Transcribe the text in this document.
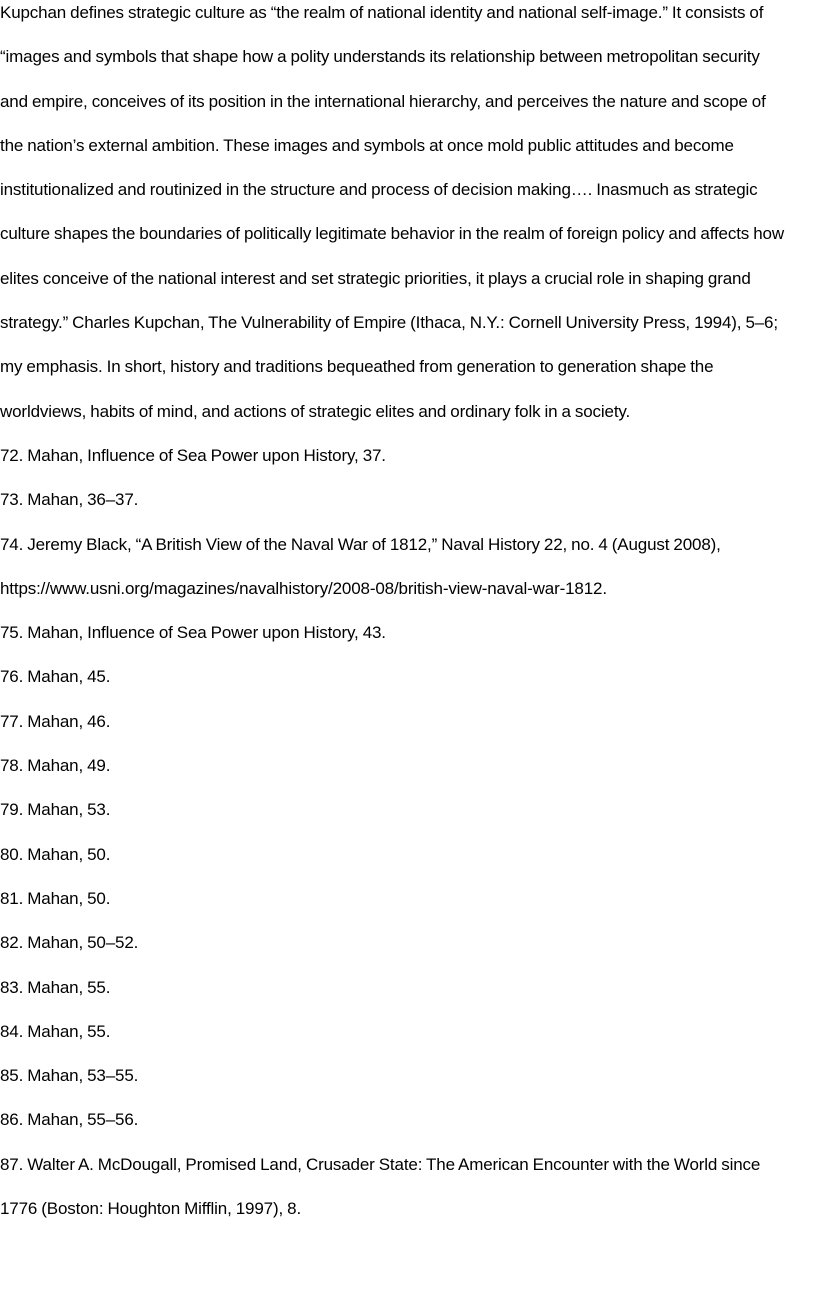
Kupchan defines strategic culture as “the realm of national identity and national self-image.” It consists of “images and symbols that shape how a polity understands its relationship between metropolitan security and empire, conceives of its position in the international hierarchy, and perceives the nature and scope of the nation’s external ambition. These images and symbols at once mold public attitudes and become institutionalized and routinized in the structure and process of decision making…. Inasmuch as strategic culture shapes the boundaries of politically legitimate behavior in the realm of foreign policy and affects how elites conceive of the national interest and set strategic priorities, it plays a crucial role in shaping grand strategy.” Charles Kupchan, The Vulnerability of Empire (Ithaca, N.Y.: Cornell University Press, 1994), 5–6; my emphasis. In short, history and traditions bequeathed from generation to generation shape the worldviews, habits of mind, and actions of strategic elites and ordinary folk in a society.

72. Mahan, Influence of Sea Power upon History, 37.

73. Mahan, 36–37.

74. Jeremy Black, “A British View of the Naval War of 1812,” Naval History 22, no. 4 (August 2008), https://www.usni.org/magazines/navalhistory/2008-08/british-view-naval-war-1812.

75. Mahan, Influence of Sea Power upon History, 43.

76. Mahan, 45.

77. Mahan, 46.

78. Mahan, 49.

79. Mahan, 53.

80. Mahan, 50.

81. Mahan, 50.

82. Mahan, 50–52.

83. Mahan, 55.

84. Mahan, 55.

85. Mahan, 53–55.

86. Mahan, 55–56.

87. Walter A. McDougall, Promised Land, Crusader State: The American Encounter with the World since 1776 (Boston: Houghton Mifflin, 1997), 8.
